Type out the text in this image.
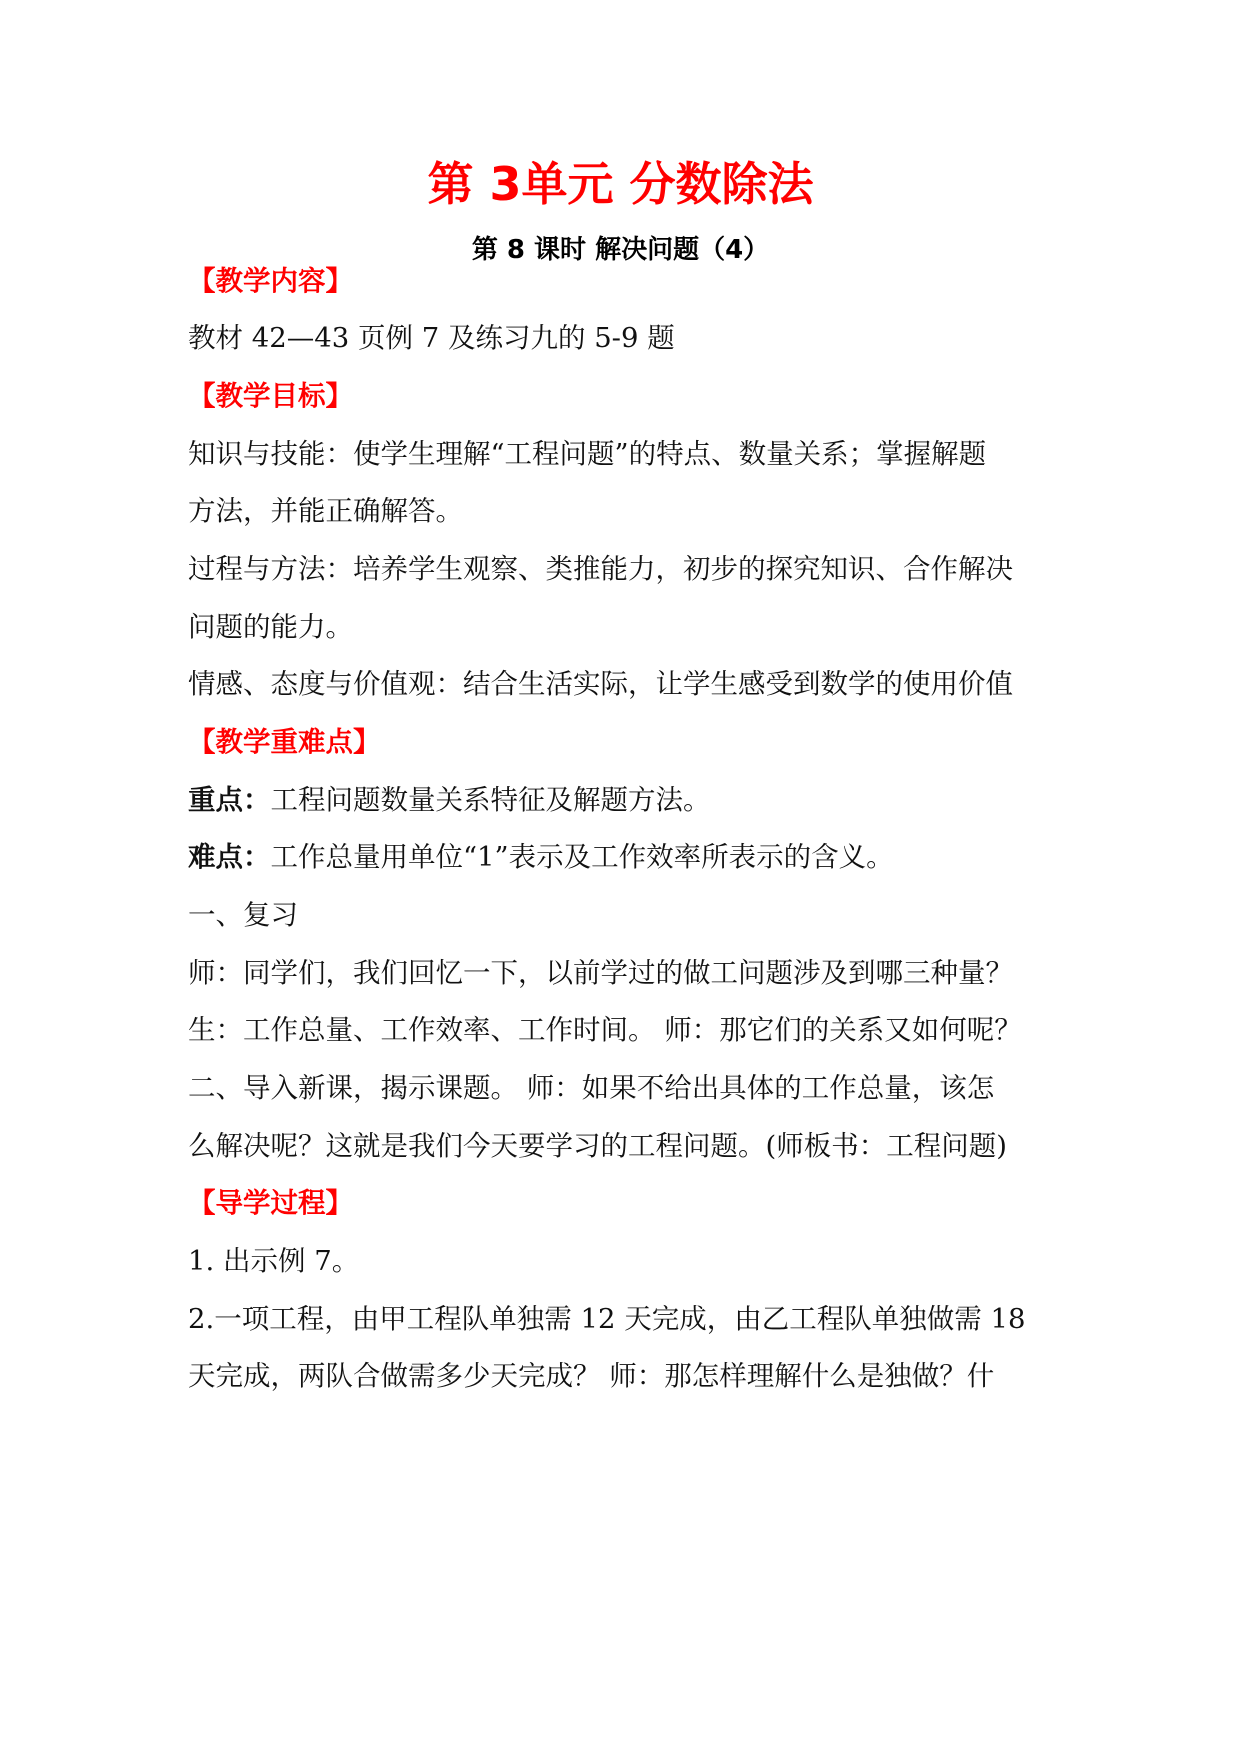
第 3单元 分数除法
第 8 课时 解决问题（4）
【教学内容】
教材 42—43 页例 7 及练习九的 5-9 题
【教学目标】
知识与技能：使学生理解“工程问题”的特点、数量关系；掌握解题
方法，并能正确解答。
过程与方法：培养学生观察、类推能力，初步的探究知识、合作解决
问题的能力。
情感、态度与价值观：结合生活实际，让学生感受到数学的使用价值
【教学重难点】
重点：工程问题数量关系特征及解题方法。
难点：工作总量用单位“1”表示及工作效率所表示的含义。
一、复习
师：同学们，我们回忆一下，以前学过的做工问题涉及到哪三种量？
生：工作总量、工作效率、工作时间。 师：那它们的关系又如何呢？
二、导入新课，揭示课题。 师：如果不给出具体的工作总量，该怎
么解决呢？这就是我们今天要学习的工程问题。(师板书：工程问题)
【导学过程】
1. 出示例 7。
2.一项工程，由甲工程队单独需 12 天完成，由乙工程队单独做需 18
天完成，两队合做需多少天完成？ 师：那怎样理解什么是独做？什
